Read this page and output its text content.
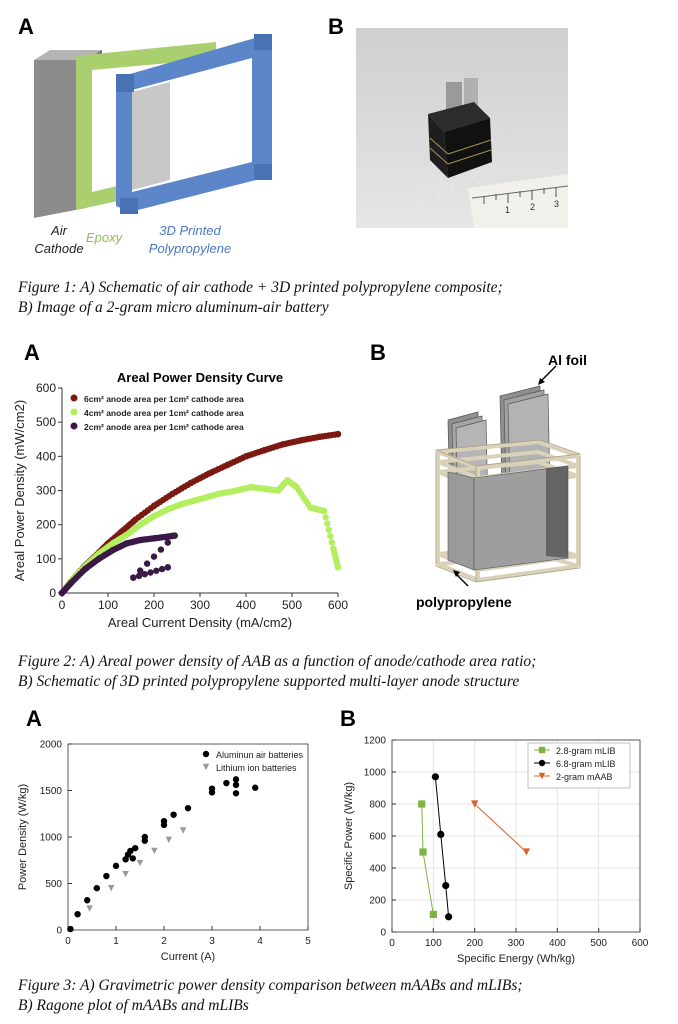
A	B
Air
Cathode
Epoxy	3D Printed
Polypropylene
1 2 3
Figure 1: A) Schematic of air cathode + 3D printed polypropylene composite;
B) Image of a 2-gram micro aluminum-air battery
A	B
0	100 200 300 400 500 600
0
100
200
300
400
500
600
Areal Current Density (mA/cm2)
Areal Power Density (mW/cm2)
Areal Power Density Curve
6cm² anode area per 1cm² cathode area
4cm² anode area per 1cm² cathode area
2cm² anode area per 1cm² cathode area
Al foil
polypropylene
Figure 2: A) Areal power density of AAB as a function of anode/cathode area ratio;
B) Schematic of 3D printed polypropylene supported multi-layer anode structure
A	B
0	1	2	3	4	5
0
500
1000
1500
2000
Current (A)
Power Density (W/kg)
Aluminun air batteries
Lithium ion batteries
0	100 200 300 400 500 600
0
200
400
600
800
1000
1200
Specific Energy (Wh/kg)
Specific Power (W/kg)
2.8-gram mLIB
6.8-gram mLIB
2-gram mAAB
Figure 3: A) Gravimetric power density comparison between mAABs and mLIBs;
B) Ragone plot of mAABs and mLIBs
